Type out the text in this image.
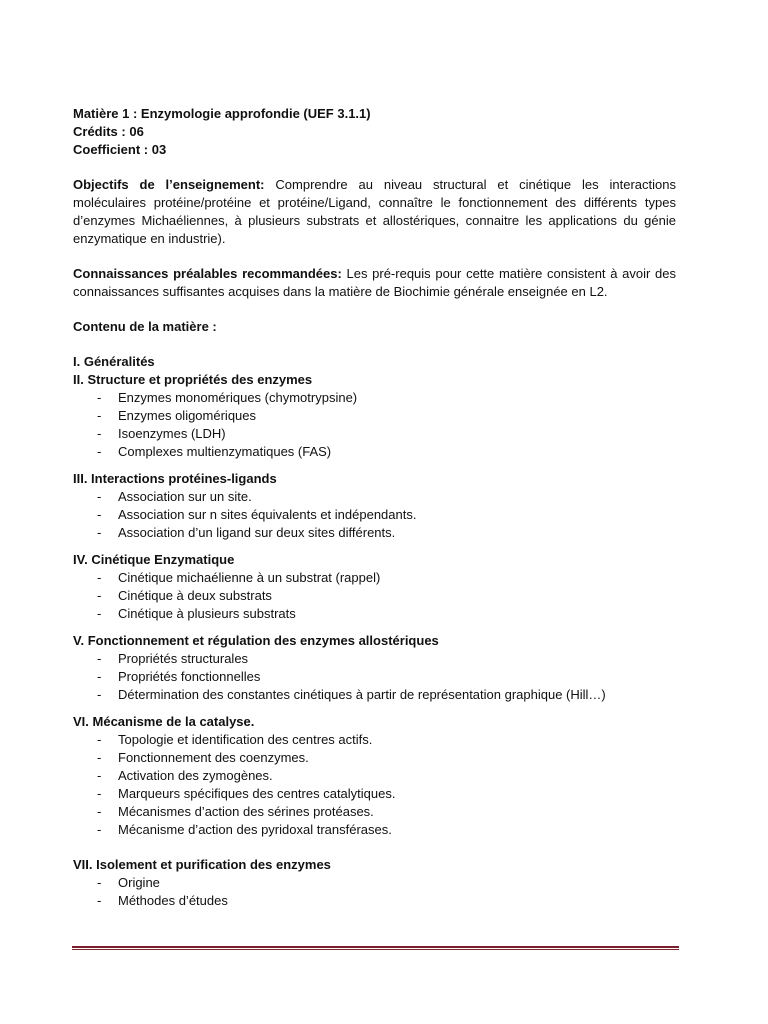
Matière 1 : Enzymologie approfondie (UEF 3.1.1)
Crédits : 06
Coefficient : 03

Objectifs de l’enseignement: Comprendre au niveau structural et cinétique les interactions moléculaires protéine/protéine et protéine/Ligand, connaître le fonctionnement des différents types d’enzymes Michaéliennes, à plusieurs substrats et allostériques, connaitre les applications du génie enzymatique en industrie).

Connaissances préalables recommandées: Les pré-requis pour cette matière consistent à avoir des connaissances suffisantes acquises dans la matière de Biochimie générale enseignée en L2.

Contenu de la matière :
I. Généralités
II. Structure et propriétés des enzymes
- Enzymes monomériques (chymotrypsine)
- Enzymes oligomériques
- Isoenzymes (LDH)
- Complexes multienzymatiques (FAS)
III. Interactions protéines-ligands
- Association sur un site.
- Association sur n sites équivalents et indépendants.
- Association d’un ligand sur deux sites différents.
IV. Cinétique Enzymatique
- Cinétique michaélienne à un substrat (rappel)
- Cinétique à deux substrats
- Cinétique à plusieurs substrats
V. Fonctionnement et régulation des enzymes allostériques
- Propriétés structurales
- Propriétés fonctionnelles
- Détermination des constantes cinétiques à partir de représentation graphique (Hill…)
VI. Mécanisme de la catalyse.
- Topologie et identification des centres actifs.
- Fonctionnement des coenzymes.
- Activation des zymogènes.
- Marqueurs spécifiques des centres catalytiques.
- Mécanismes d’action des sérines protéases.
- Mécanisme d’action des pyridoxal transférases.
VII. Isolement et purification des enzymes
- Origine
- Méthodes d’études
